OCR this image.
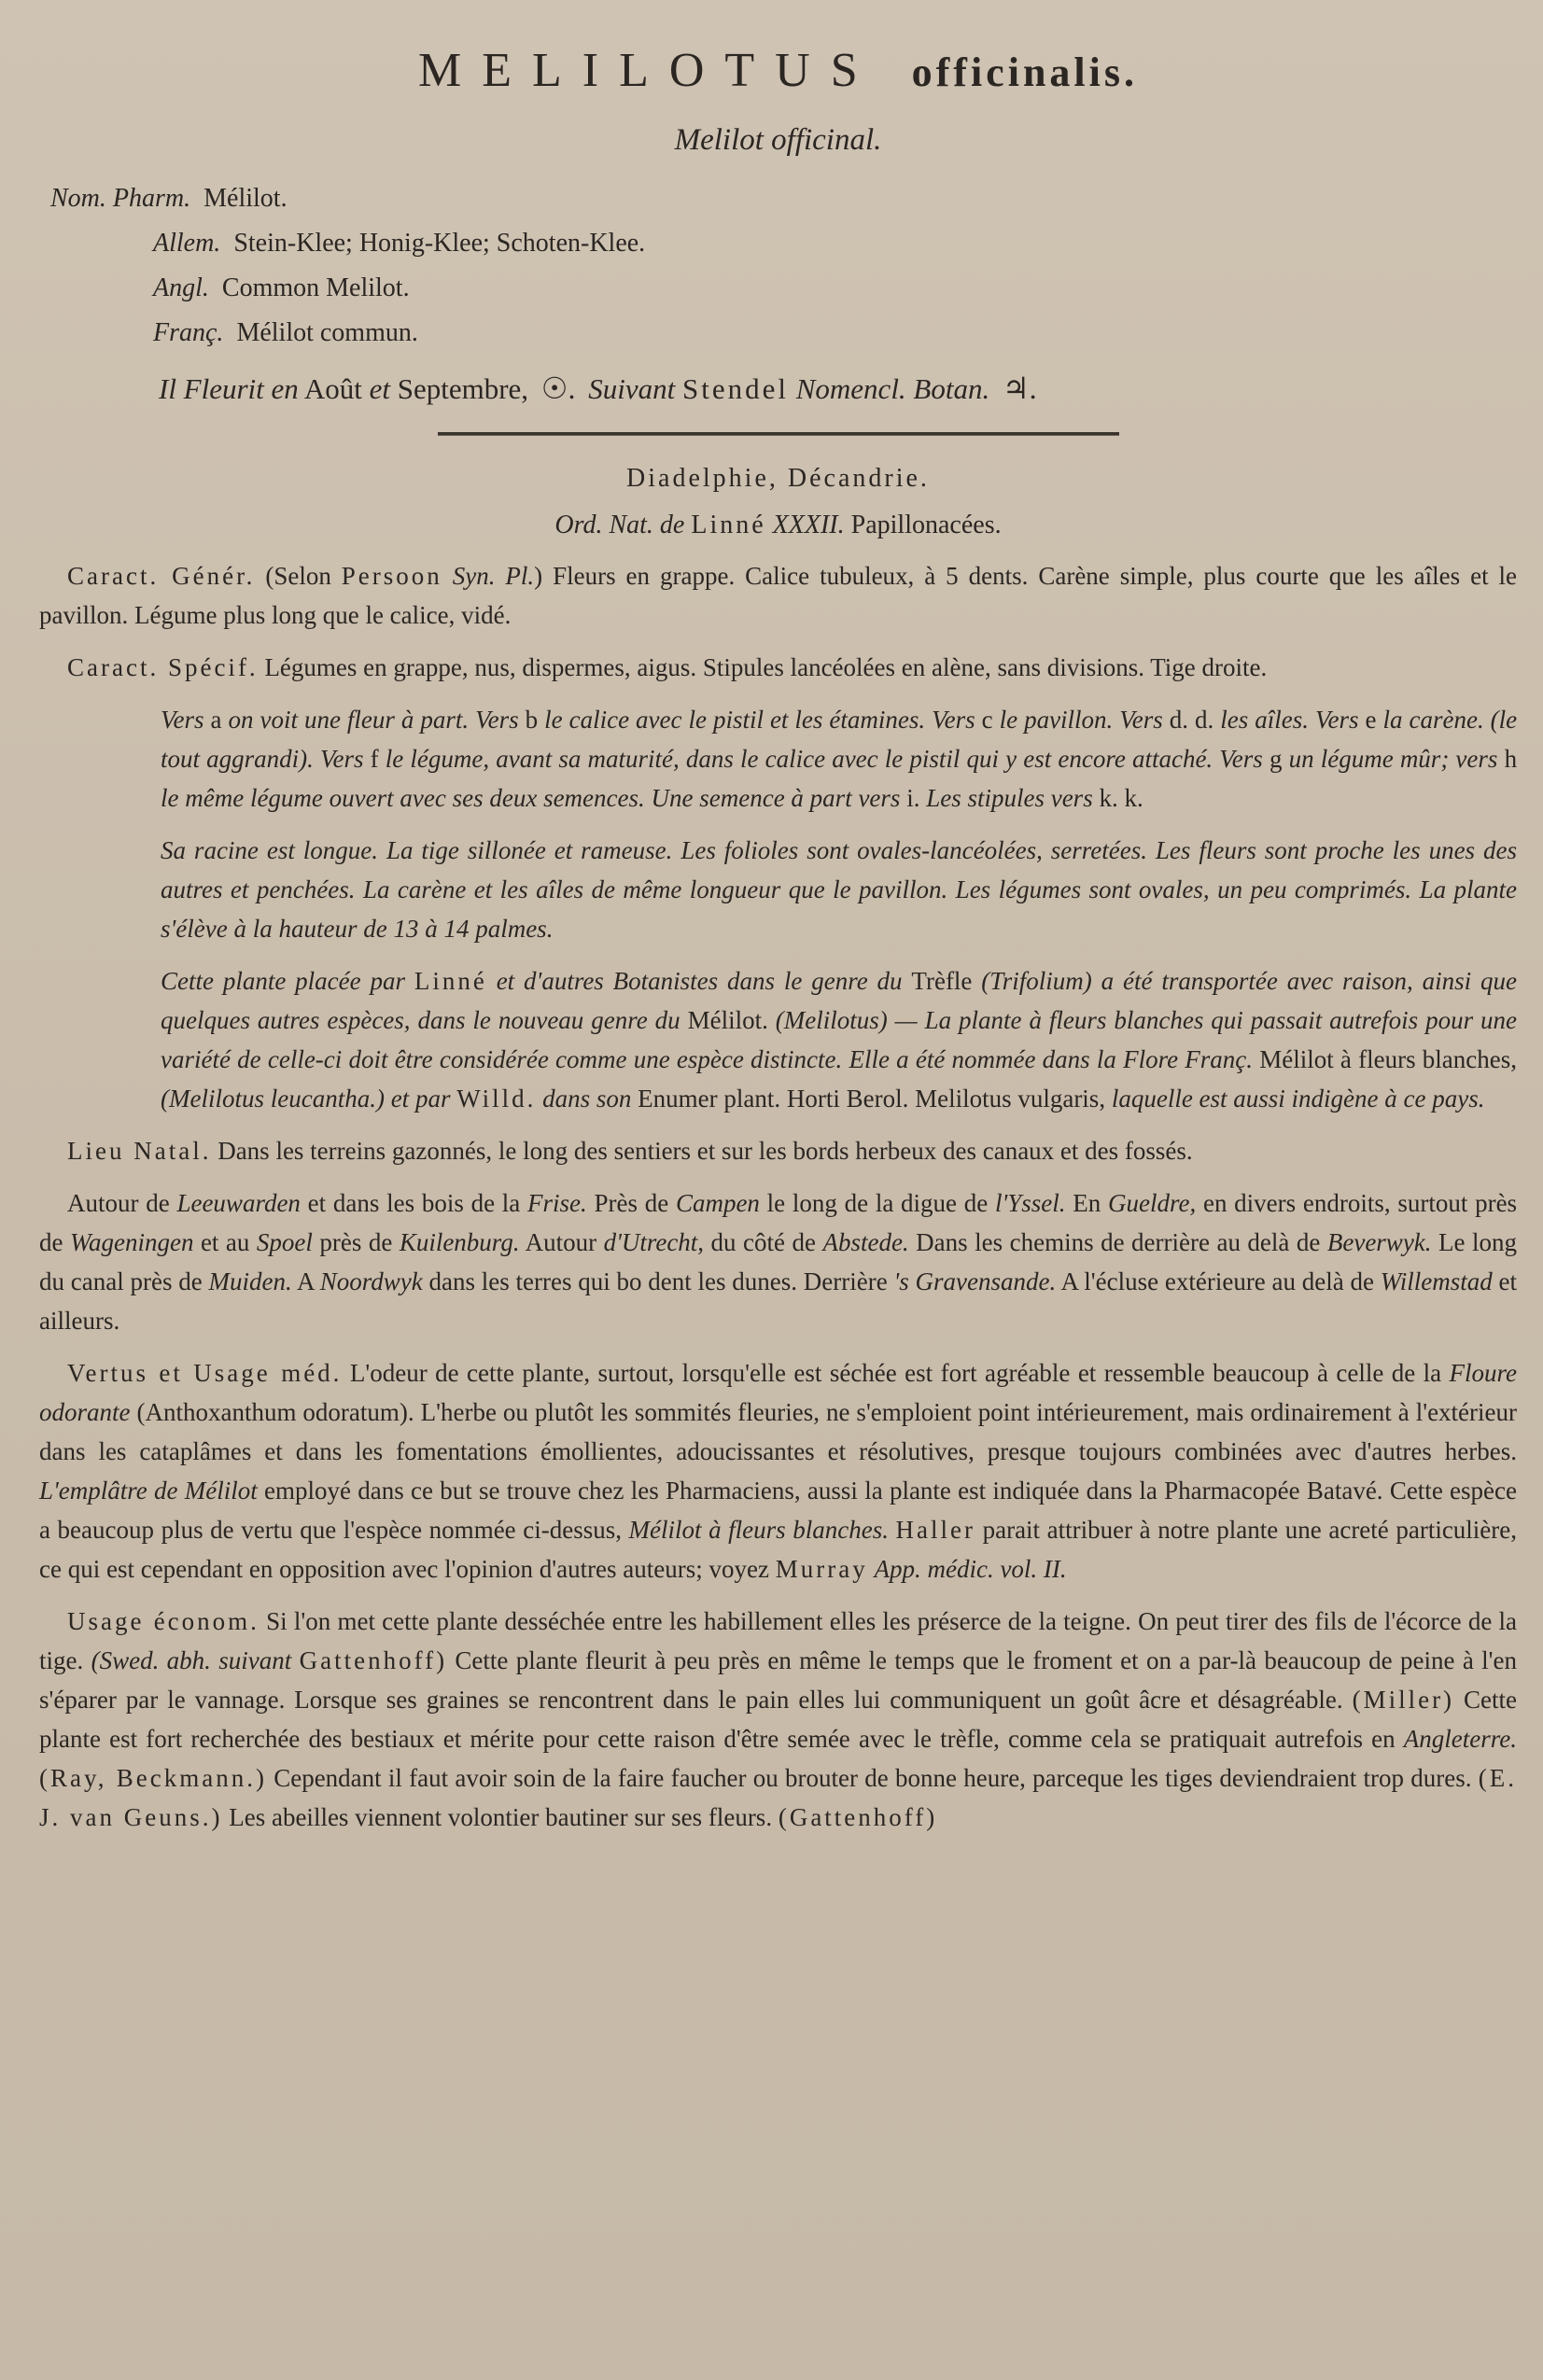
MELILOTUS officinalis.
Melilot officinal.
Nom. Pharm. Mélilot.
Allem. Stein-Klee; Honig-Klee; Schoten-Klee.
Angl. Common Melilot.
Franç. Mélilot commun.
Il Fleurit en Août et Septembre, ☉. Suivant Stendel Nomencl. Botan. ♃.
Diadelphie, Décandrie.
Ord. Nat. de Linné XXXII. Papillonacées.

Caract. Génér. (Selon Persoon Syn. Pl.) Fleurs en grappe. Calice tubuleux, à 5 dents. Carène simple, plus courte que les aîles et le pavillon. Légume plus long que le calice, vidé.

Caract. Spécif. Légumes en grappe, nus, dispermes, aigus. Stipules lancéolées en alène, sans divisions. Tige droite.

Vers a on voit une fleur à part. Vers b le calice avec le pistil et les étamines. Vers c le pavillon. Vers d. d. les aîles. Vers e la carène. (le tout aggrandi). Vers f le légume, avant sa maturité, dans le calice avec le pistil qui y est encore attaché. Vers g un légume mûr; vers h le même légume ouvert avec ses deux semences. Une semence à part vers i. Les stipules vers k. k.

Sa racine est longue. La tige sillonée et rameuse. Les folioles sont ovales-lancéolées, serretées. Les fleurs sont proche les unes des autres et penchées. La carène et les aîles de même longueur que le pavillon. Les légumes sont ovales, un peu comprimés. La plante s'élève à la hauteur de 13 à 14 palmes.

Cette plante placée par Linné et d'autres Botanistes dans le genre du Trèfle (Trifolium) a été transportée avec raison, ainsi que quelques autres espèces, dans le nouveau genre du Mélilot. (Melilotus) — La plante à fleurs blanches qui passait autrefois pour une variété de celle-ci doit être considérée comme une espèce distincte. Elle a été nommée dans la Flore Franç. Mélilot à fleurs blanches, (Melilotus leucantha.) et par Willd. dans son Enumer plant. Horti Berol. Melilotus vulgaris, laquelle est aussi indigène à ce pays.

Lieu Natal. Dans les terreins gazonnés, le long des sentiers et sur les bords herbeux des canaux et des fossés.

Autour de Leeuwarden et dans les bois de la Frise. Près de Campen le long de la digue de l'Yssel. En Gueldre, en divers endroits, surtout près de Wageningen et au Spoel près de Kuilenburg. Autour d'Utrecht, du côté de Abstede. Dans les chemins de derrière au delà de Beverwyk. Le long du canal près de Muiden. A Noordwyk dans les terres qui bo dent les dunes. Derrière 's Gravensande. A l'écluse extérieure au delà de Willemstad et ailleurs.

Vertus et Usage méd. L'odeur de cette plante, surtout, lorsqu'elle est séchée est fort agréable et ressemble beaucoup à celle de la Floure odorante (Anthoxanthum odoratum). L'herbe ou plutôt les sommités fleuries, ne s'emploient point intérieurement, mais ordinairement à l'extérieur dans les cataplâmes et dans les fomentations émollientes, adoucissantes et résolutives, presque toujours combinées avec d'autres herbes. L'emplâtre de Mélilot employé dans ce but se trouve chez les Pharmaciens, aussi la plante est indiquée dans la Pharmacopée Batavé. Cette espèce a beaucoup plus de vertu que l'espèce nommée ci-dessus, Mélilot à fleurs blanches. Haller parait attribuer à notre plante une acreté particulière, ce qui est cependant en opposition avec l'opinion d'autres auteurs; voyez Murray App. médic. vol. II.

Usage économ. Si l'on met cette plante desséchée entre les habillement elles les préserce de la teigne. On peut tirer des fils de l'écorce de la tige. (Swed. abh. suivant Gattenhoff) Cette plante fleurit à peu près en même le temps que le froment et on a par-là beaucoup de peine à l'en s'éparer par le vannage. Lorsque ses graines se rencontrent dans le pain elles lui communiquent un goût âcre et désagréable. (Miller) Cette plante est fort recherchée des bestiaux et mérite pour cette raison d'être semée avec le trèfle, comme cela se pratiquait autrefois en Angleterre. (Ray, Beckmann.) Cependant il faut avoir soin de la faire faucher ou brouter de bonne heure, parceque les tiges deviendraient trop dures. (E. J. van Geuns.) Les abeilles viennent volontier bautiner sur ses fleurs. (Gattenhoff)
